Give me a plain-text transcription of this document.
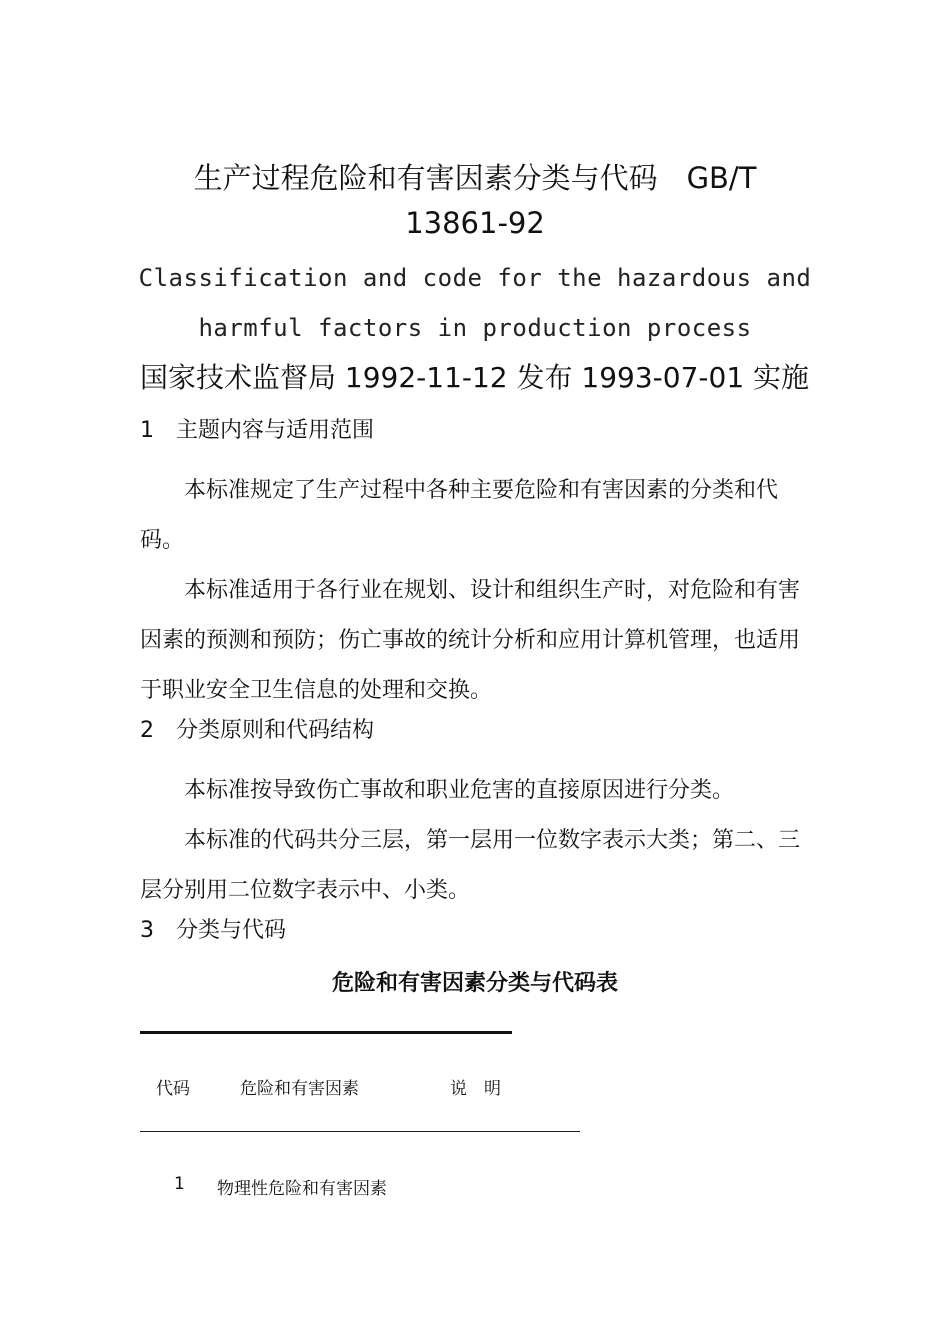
生产过程危险和有害因素分类与代码　GB/T
13861-92
Classification and code for the hazardous and
harmful factors in production process
国家技术监督局 1992-11-12 发布 1993-07-01 实施
1　主题内容与适用范围
本标准规定了生产过程中各种主要危险和有害因素的分类和代码。
本标准适用于各行业在规划、设计和组织生产时，对危险和有害因素的预测和预防；伤亡事故的统计分析和应用计算机管理，也适用于职业安全卫生信息的处理和交换。
2　分类原则和代码结构
本标准按导致伤亡事故和职业危害的直接原因进行分类。
本标准的代码共分三层，第一层用一位数字表示大类；第二、三层分别用二位数字表示中、小类。
3　分类与代码
危险和有害因素分类与代码表
代码	危险和有害因素	说　明
1 物理性危险和有害因素
